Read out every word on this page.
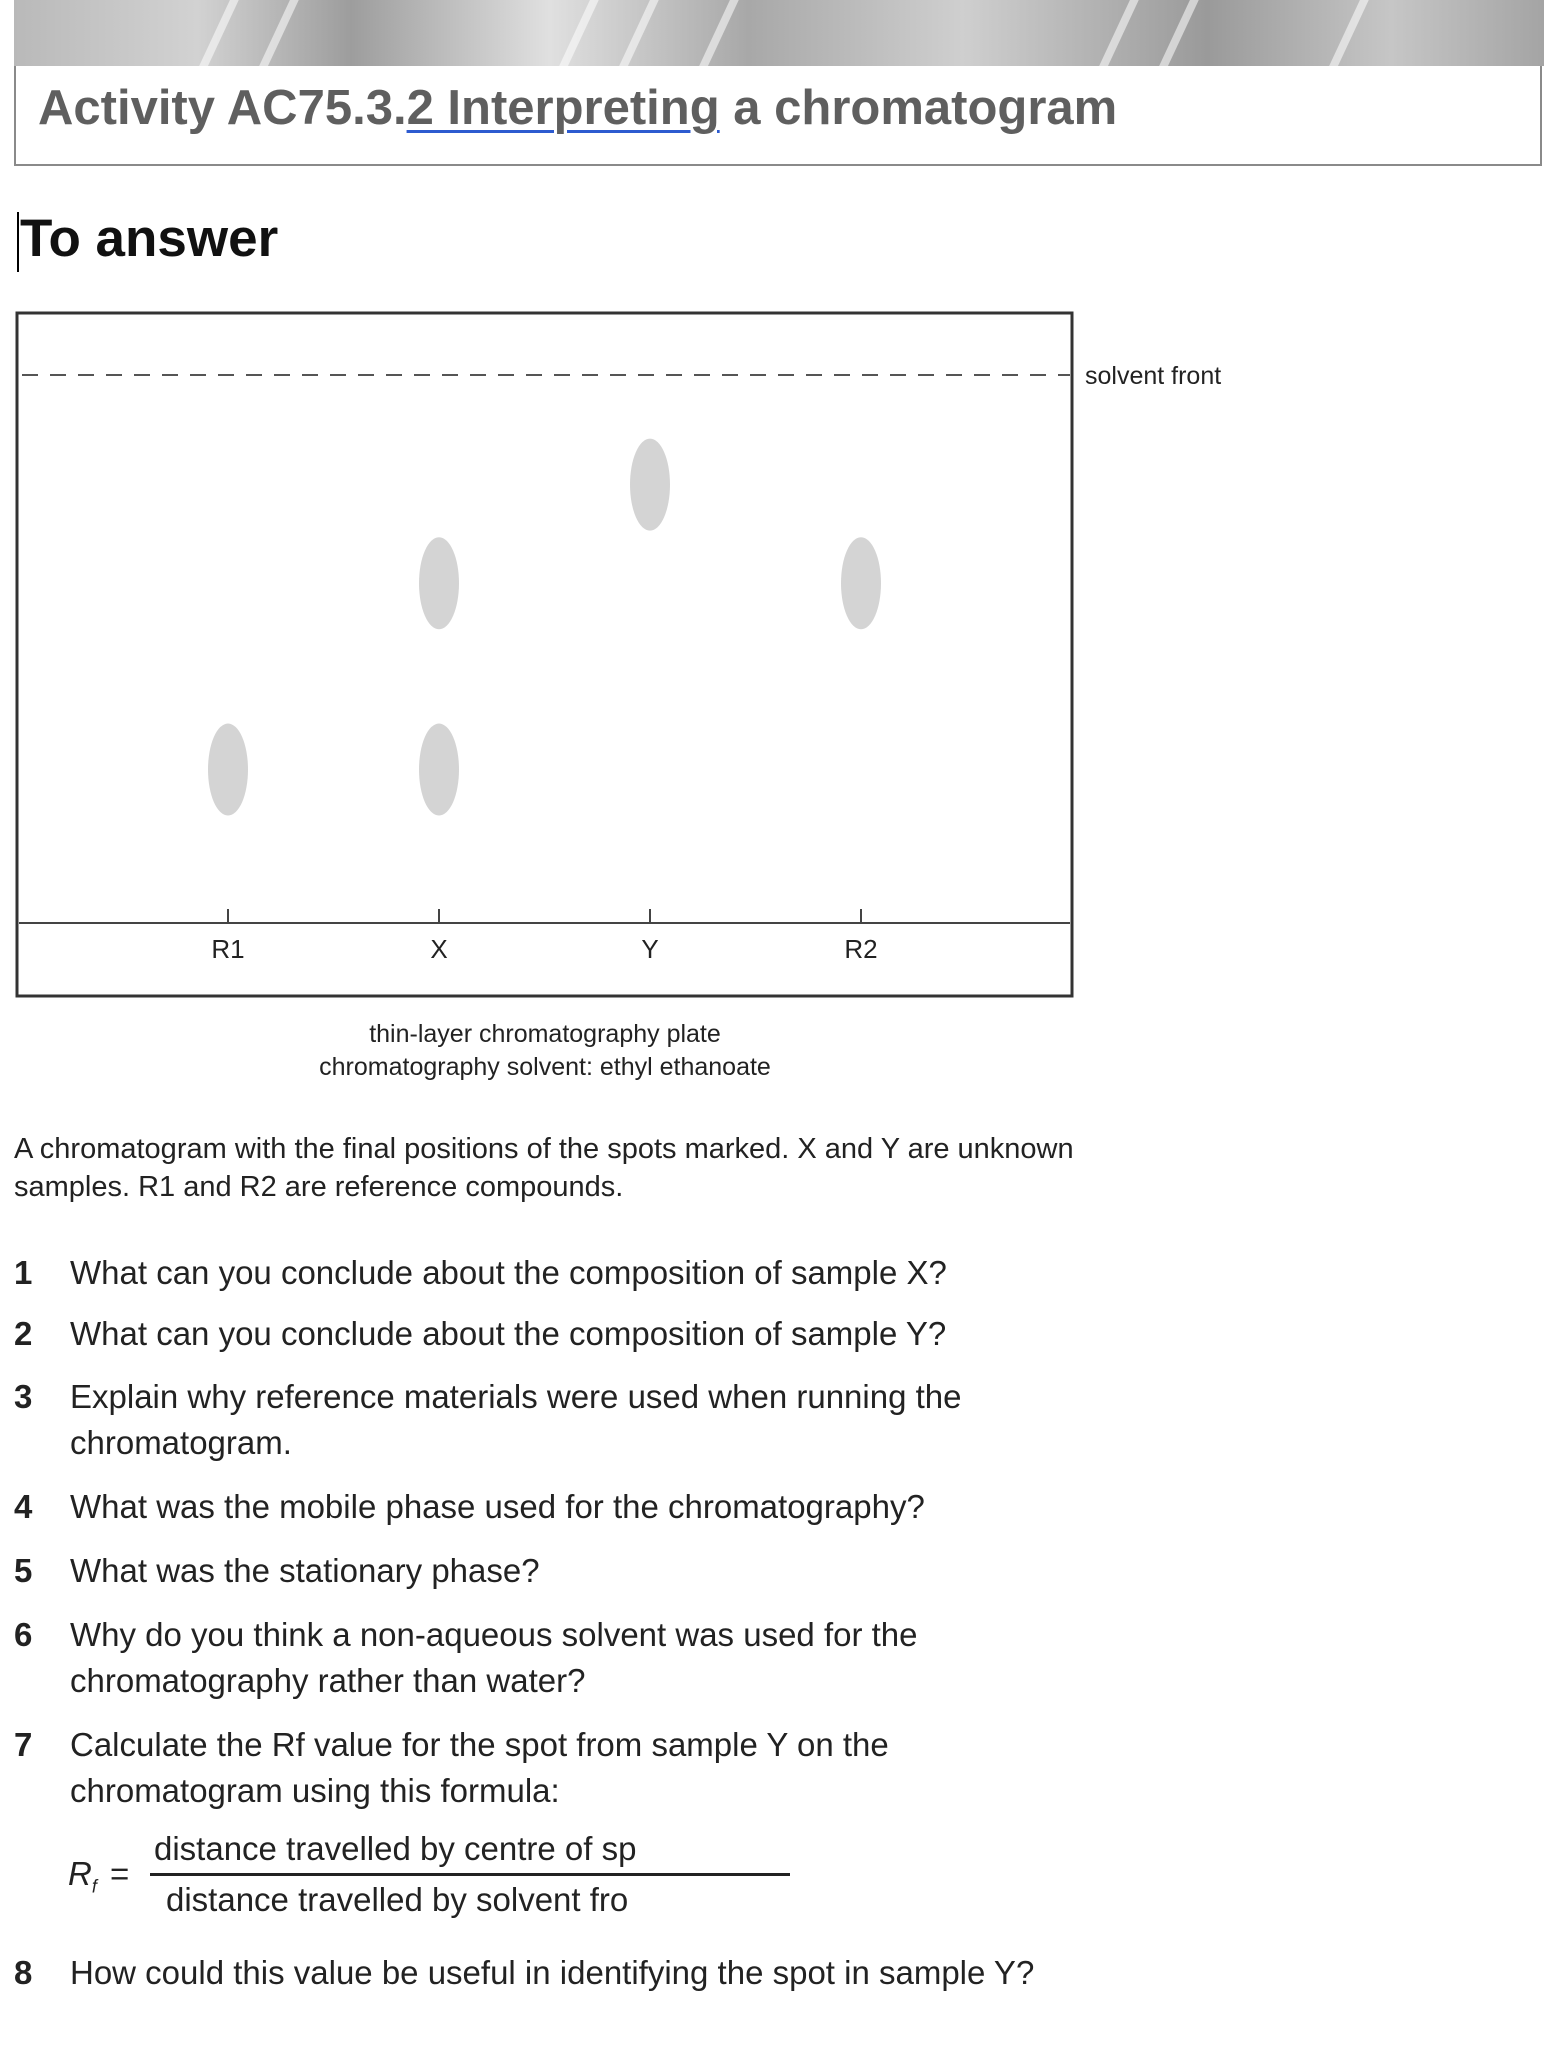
Activity AC75.3.2 Interpreting a chromatogram
To answer
solvent front
R1	X	Y	R2
thin-layer chromatography plate
chromatography solvent: ethyl ethanoate
A chromatogram with the final positions of the spots marked. X and Y are unknown samples. R1 and R2 are reference compounds.
1 What can you conclude about the composition of sample X?
2 What can you conclude about the composition of sample Y?
3 Explain why reference materials were used when running the chromatogram.
4 What was the mobile phase used for the chromatography?
5 What was the stationary phase?
6 Why do you think a non-aqueous solvent was used for the chromatography rather than water?
7 Calculate the Rf value for the spot from sample Y on the chromatogram using this formula:
$R_f$ =
distance travelled by centre of sp
distance travelled by solvent fro
8 How could this value be useful in identifying the spot in sample Y?
